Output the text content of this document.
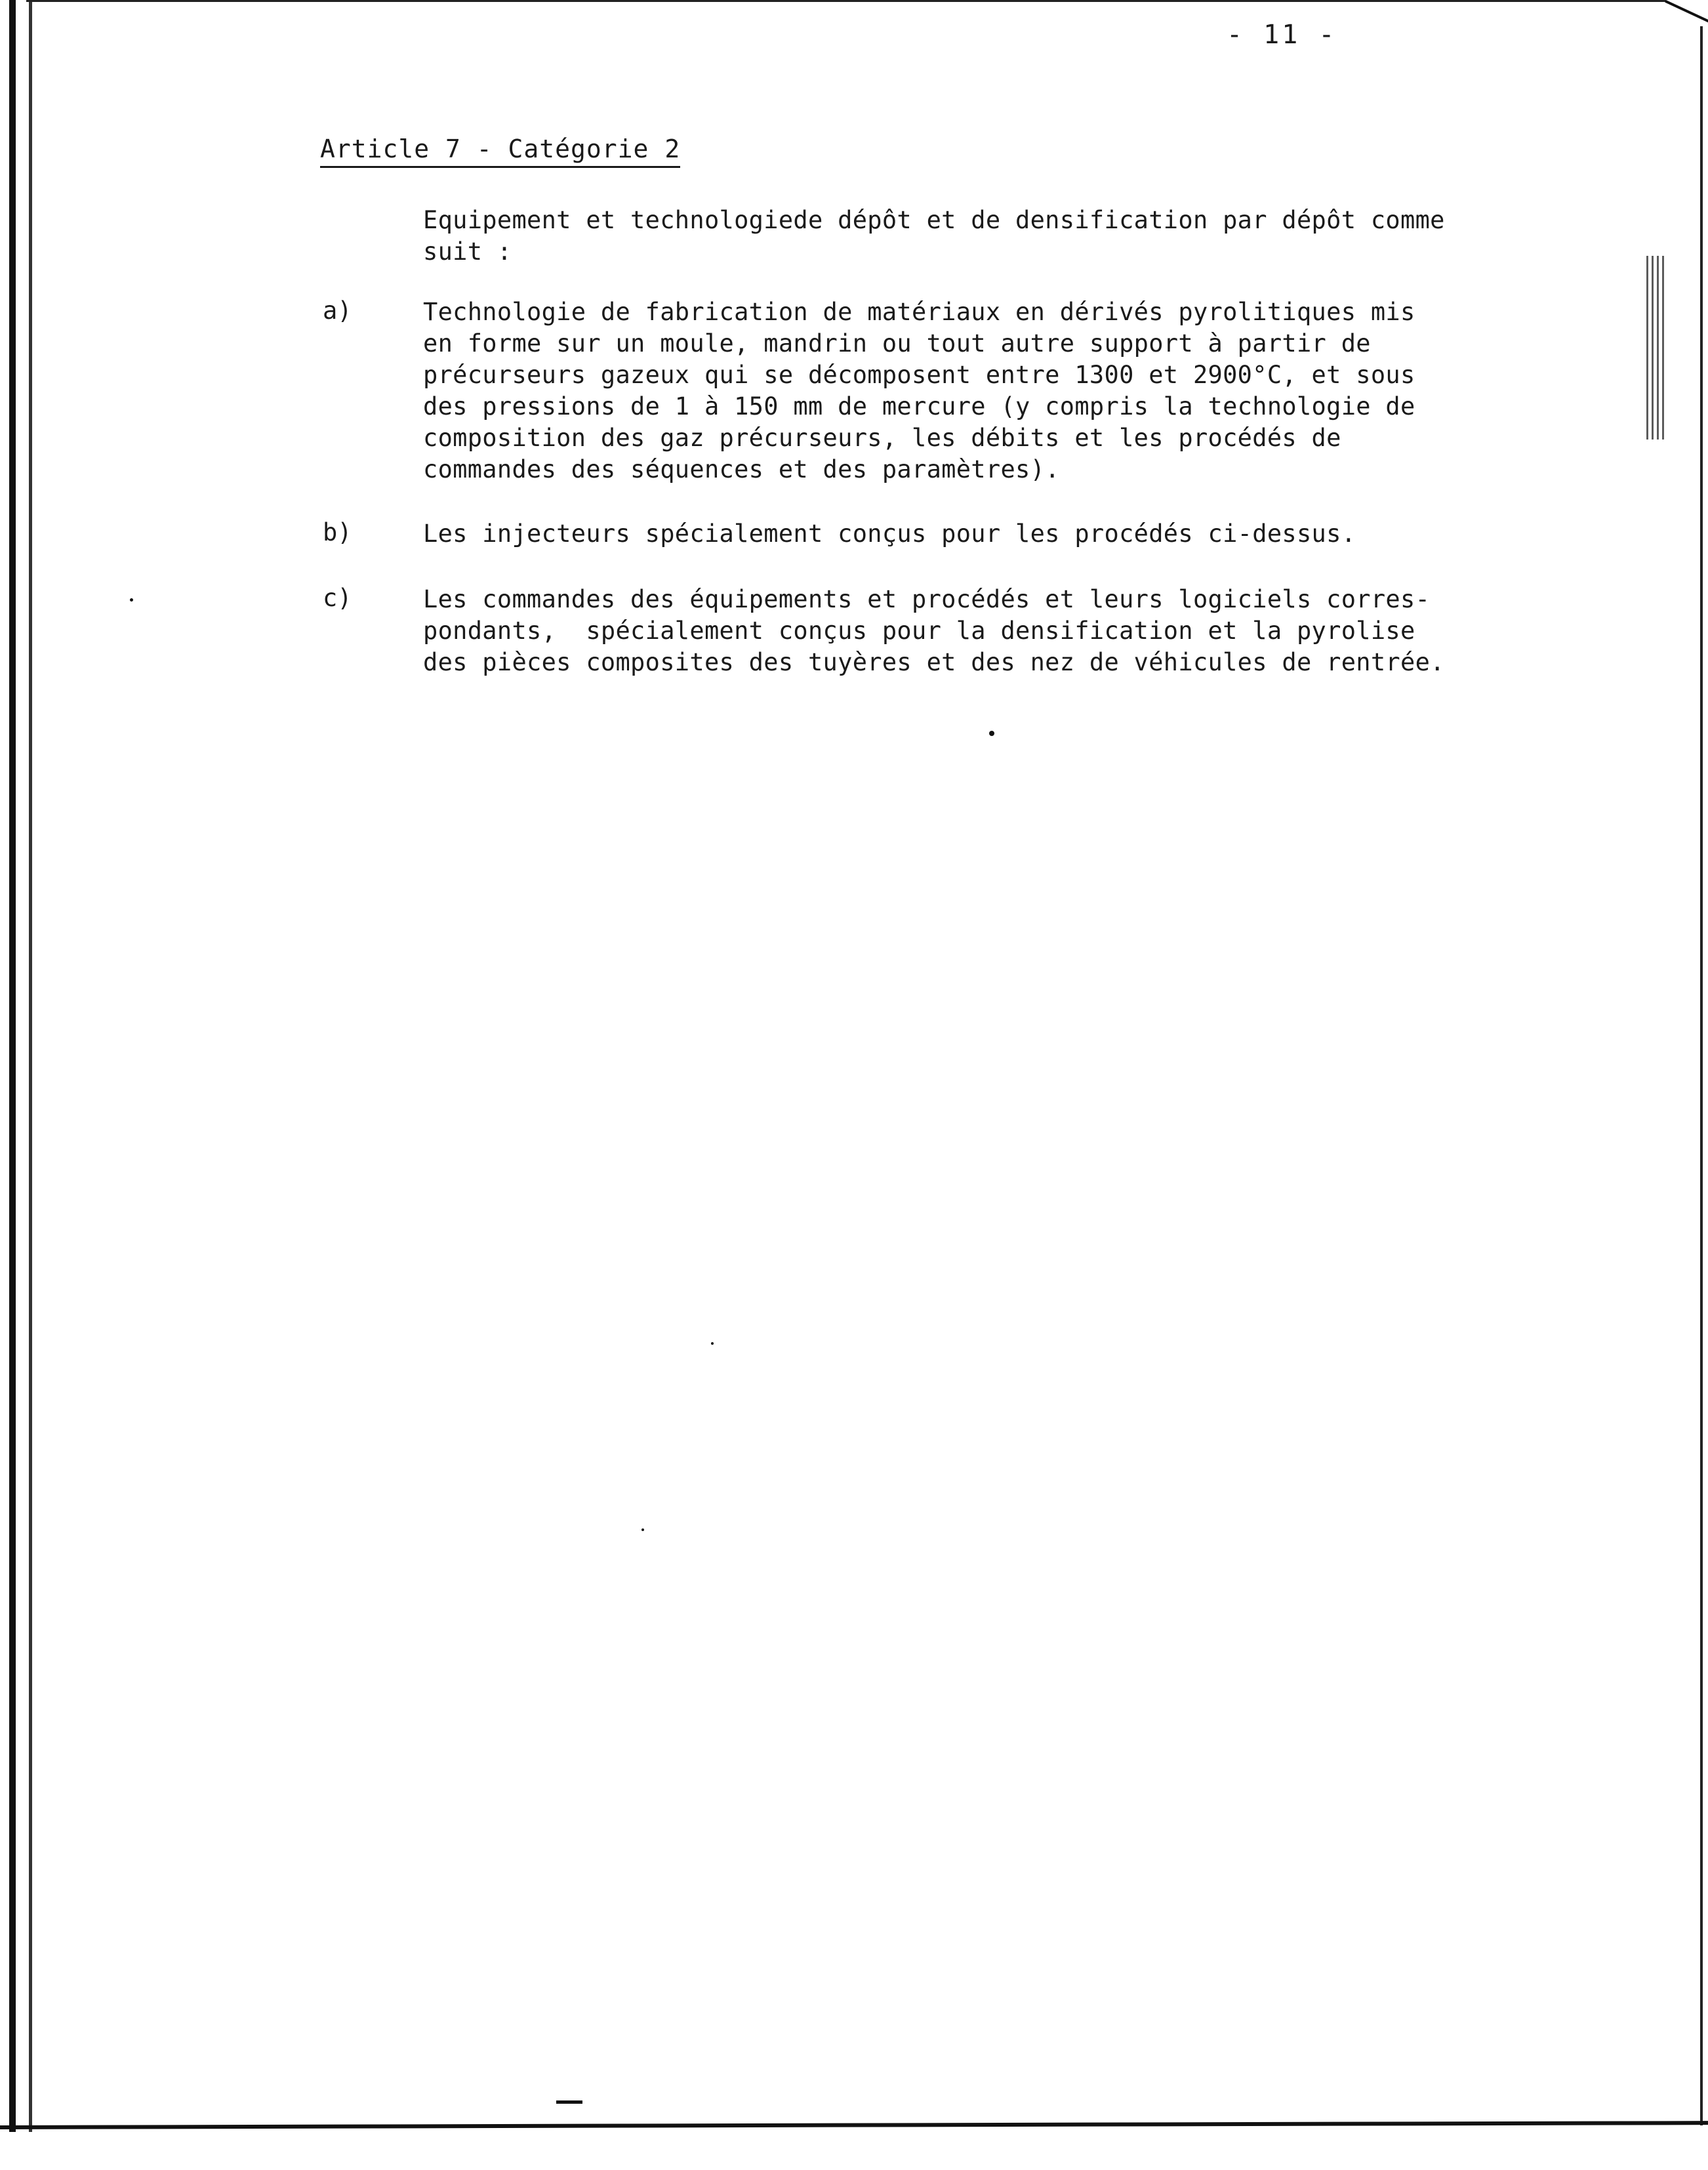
- 11 -
Article 7 - Catégorie 2
Equipement et technologiede dépôt et de densification par dépôt comme
suit :
a)	Technologie de fabrication de matériaux en dérivés pyrolitiques mis
en forme sur un moule, mandrin ou tout autre support à partir de
précurseurs gazeux qui se décomposent entre 1300 et 2900°C, et sous
des pressions de 1 à 150 mm de mercure (y compris la technologie de
composition des gaz précurseurs, les débits et les procédés de
commandes des séquences et des paramètres).
b)	Les injecteurs spécialement conçus pour les procédés ci-dessus.
c)	Les commandes des équipements et procédés et leurs logiciels corres-
pondants,  spécialement conçus pour la densification et la pyrolise
des pièces composites des tuyères et des nez de véhicules de rentrée.
